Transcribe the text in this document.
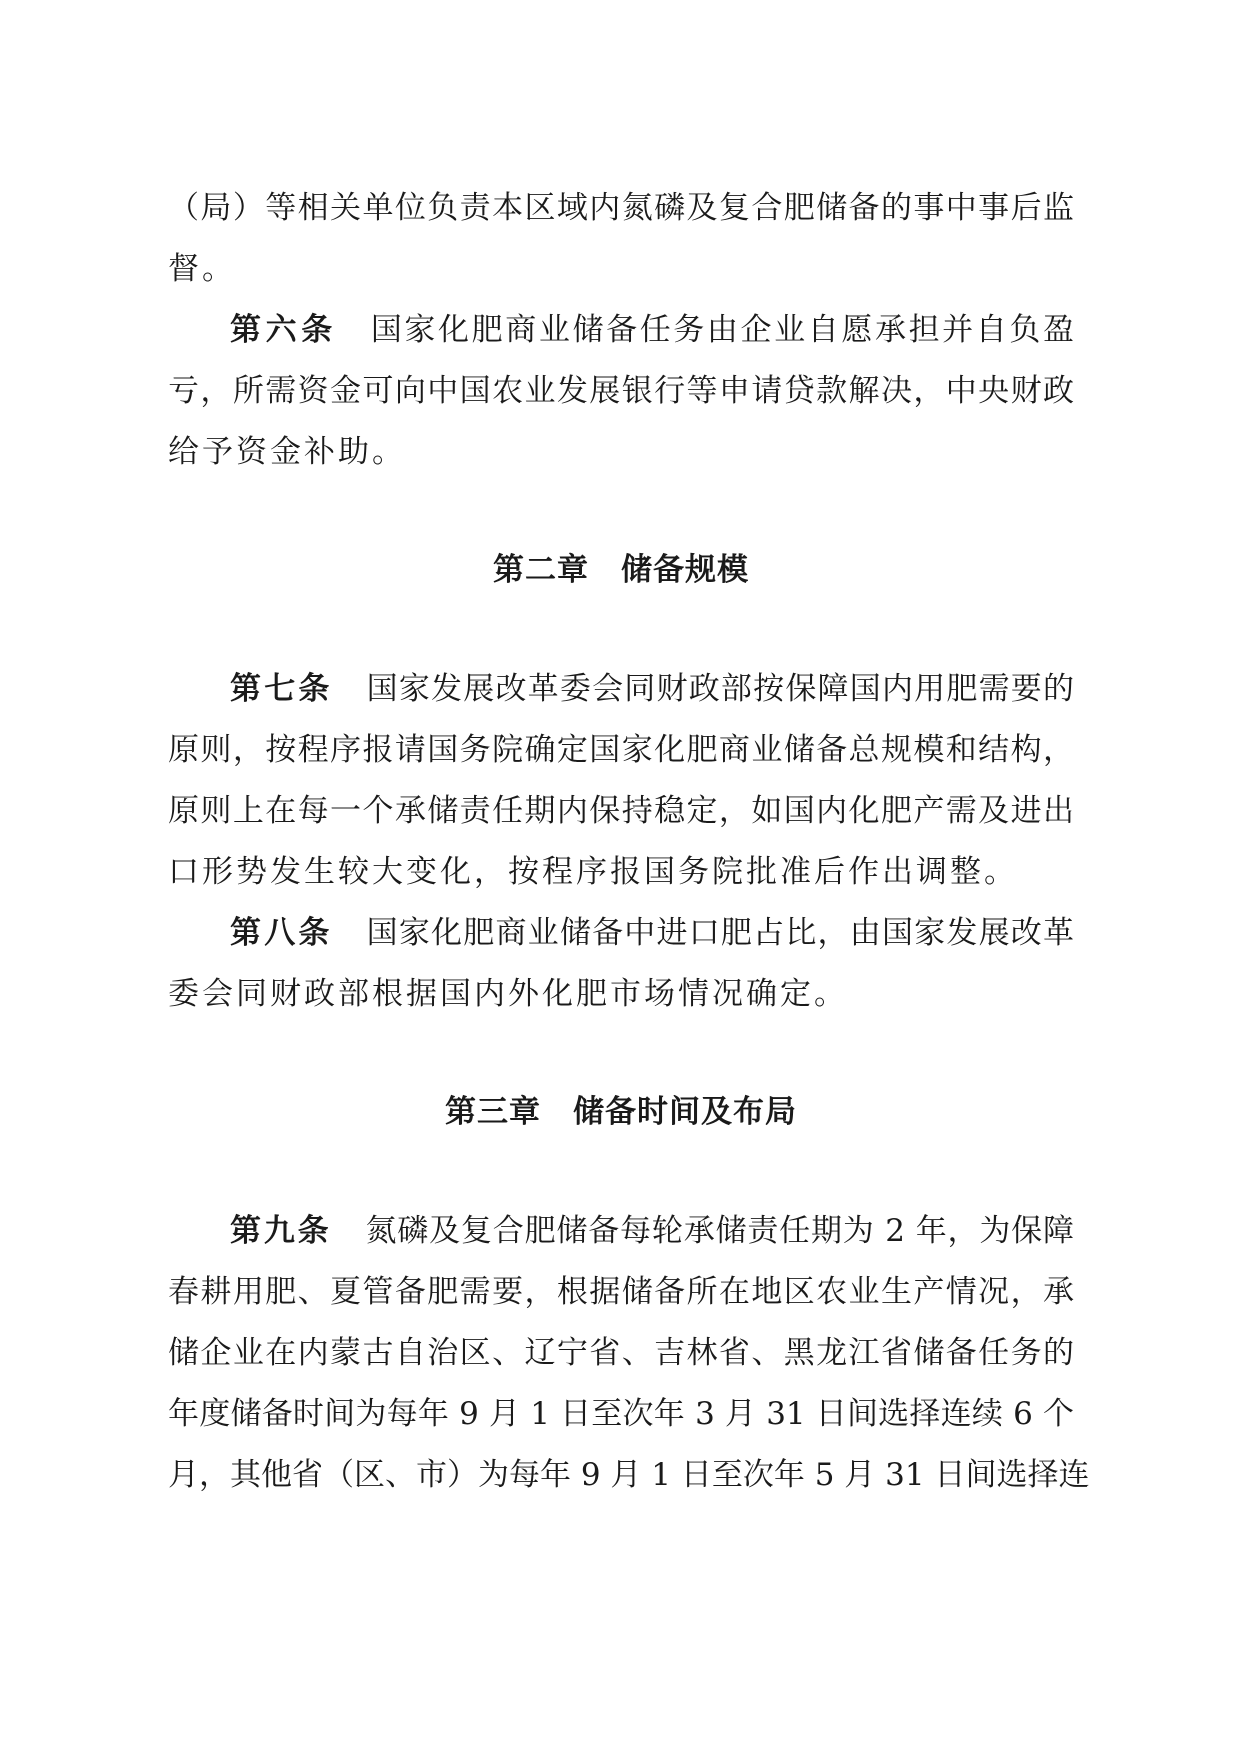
（局）等相关单位负责本区域内氮磷及复合肥储备的事中事后监
督。
第六条 国家化肥商业储备任务由企业自愿承担并自负盈
亏，所需资金可向中国农业发展银行等申请贷款解决，中央财政
给予资金补助。
第二章　储备规模
第七条 国家发展改革委会同财政部按保障国内用肥需要的
原则，按程序报请国务院确定国家化肥商业储备总规模和结构，
原则上在每一个承储责任期内保持稳定，如国内化肥产需及进出
口形势发生较大变化，按程序报国务院批准后作出调整。
第八条 国家化肥商业储备中进口肥占比，由国家发展改革
委会同财政部根据国内外化肥市场情况确定。
第三章　储备时间及布局
第九条 氮磷及复合肥储备每轮承储责任期为 2 年，为保障
春耕用肥、夏管备肥需要，根据储备所在地区农业生产情况，承
储企业在内蒙古自治区、辽宁省、吉林省、黑龙江省储备任务的
年度储备时间为每年 9 月 1 日至次年 3 月 31 日间选择连续 6 个
月，其他省（区、市）为每年 9 月 1 日至次年 5 月 31 日间选择连
